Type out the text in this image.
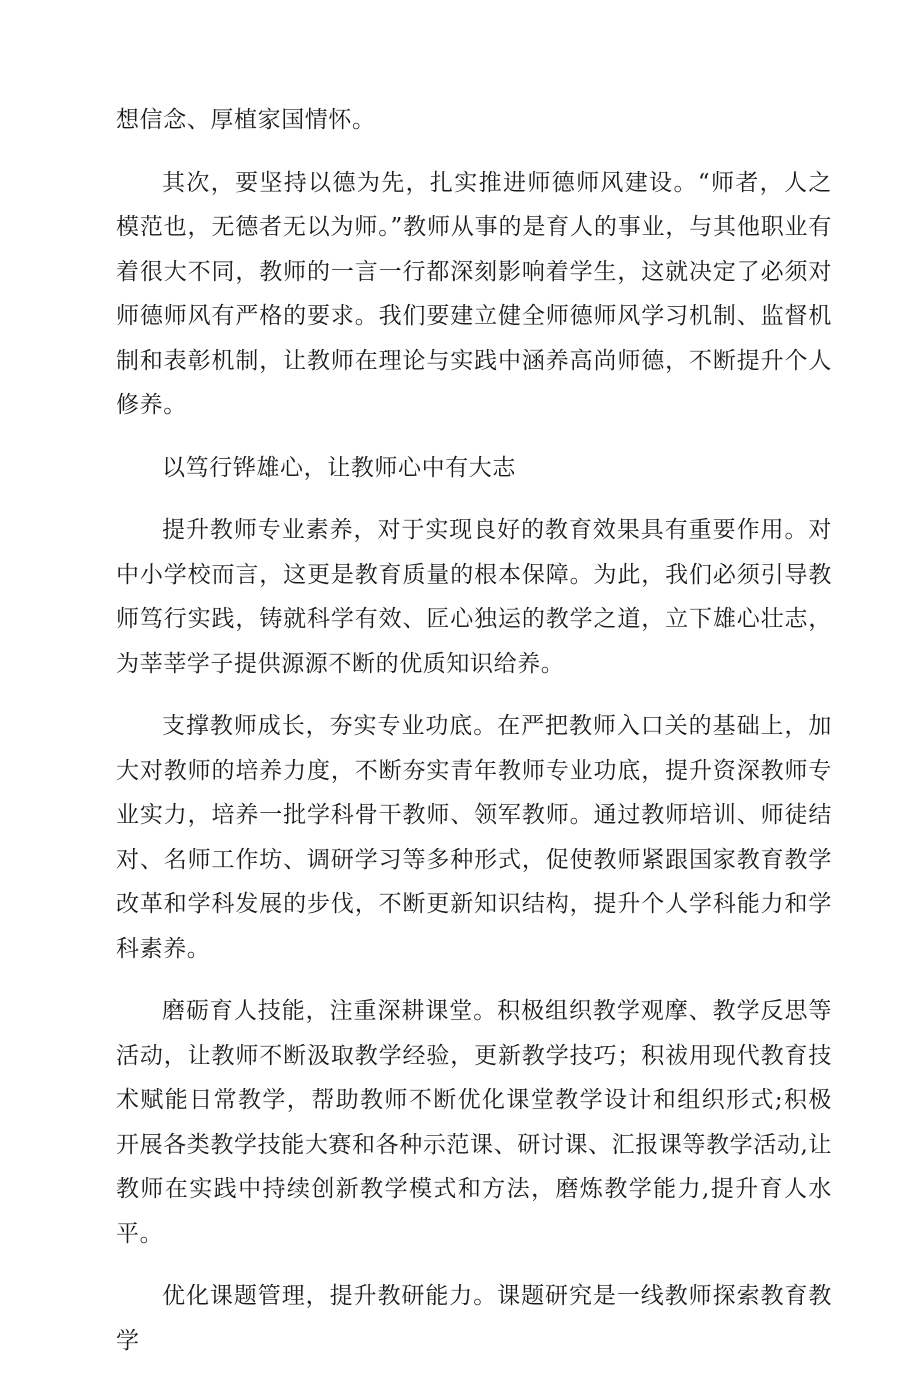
想信念、厚植家国情怀。

其次，要坚持以德为先，扎实推进师德师风建设。“师者，人之模范也，无德者无以为师。”教师从事的是育人的事业，与其他职业有着很大不同，教师的一言一行都深刻影响着学生，这就决定了必须对师德师风有严格的要求。我们要建立健全师德师风学习机制、监督机制和表彰机制，让教师在理论与实践中涵养高尚师德，不断提升个人修养。

以笃行铧雄心，让教师心中有大志

提升教师专业素养，对于实现良好的教育效果具有重要作用。对中小学校而言，这更是教育质量的根本保障。为此，我们必须引导教师笃行实践，铸就科学有效、匠心独运的教学之道，立下雄心壮志，为莘莘学子提供源源不断的优质知识给养。

支撑教师成长，夯实专业功底。在严把教师入口关的基础上，加大对教师的培养力度，不断夯实青年教师专业功底，提升资深教师专业实力，培养一批学科骨干教师、领军教师。通过教师培训、师徒结对、名师工作坊、调研学习等多种形式，促使教师紧跟国家教育教学改革和学科发展的步伐，不断更新知识结构，提升个人学科能力和学科素养。

磨砺育人技能，注重深耕课堂。积极组织教学观摩、教学反思等活动，让教师不断汲取教学经验，更新教学技巧；积祓用现代教育技术赋能日常教学，帮助教师不断优化课堂教学设计和组织形式;积极开展各类教学技能大赛和各种示范课、研讨课、汇报课等教学活动,让教师在实践中持续创新教学模式和方法，磨炼教学能力,提升育人水平。

优化课题管理，提升教研能力。课题研究是一线教师探索教育教学
